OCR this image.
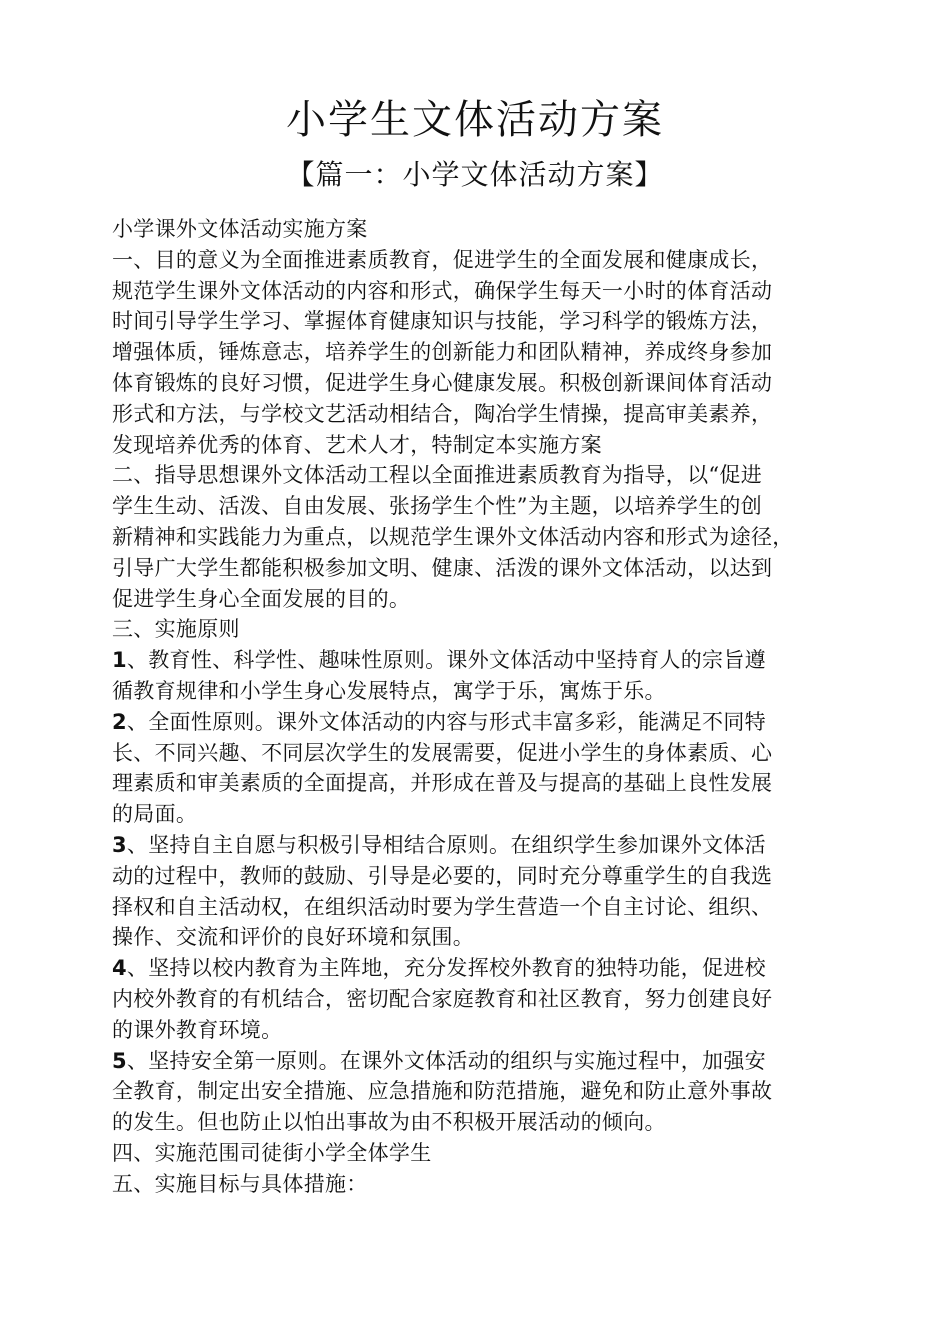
小学生文体活动方案
【篇一：小学文体活动方案】
小学课外文体活动实施方案
一、目的意义为全面推进素质教育，促进学生的全面发展和健康成长，
规范学生课外文体活动的内容和形式，确保学生每天一小时的体育活动
时间引导学生学习、掌握体育健康知识与技能，学习科学的锻炼方法，
增强体质，锤炼意志，培养学生的创新能力和团队精神，养成终身参加
体育锻炼的良好习惯，促进学生身心健康发展。积极创新课间体育活动
形式和方法，与学校文艺活动相结合，陶冶学生情操，提高审美素养，
发现培养优秀的体育、艺术人才，特制定本实施方案
二、指导思想课外文体活动工程以全面推进素质教育为指导，以“促进
学生生动、活泼、自由发展、张扬学生个性”为主题，以培养学生的创
新精神和实践能力为重点，以规范学生课外文体活动内容和形式为途径，
引导广大学生都能积极参加文明、健康、活泼的课外文体活动，以达到
促进学生身心全面发展的目的。
三、实施原则
1、教育性、科学性、趣味性原则。课外文体活动中坚持育人的宗旨遵
循教育规律和小学生身心发展特点，寓学于乐，寓炼于乐。
2、全面性原则。课外文体活动的内容与形式丰富多彩，能满足不同特
长、不同兴趣、不同层次学生的发展需要，促进小学生的身体素质、心
理素质和审美素质的全面提高，并形成在普及与提高的基础上良性发展
的局面。
3、坚持自主自愿与积极引导相结合原则。在组织学生参加课外文体活
动的过程中，教师的鼓励、引导是必要的，同时充分尊重学生的自我选
择权和自主活动权，在组织活动时要为学生营造一个自主讨论、组织、
操作、交流和评价的良好环境和氛围。
4、坚持以校内教育为主阵地，充分发挥校外教育的独特功能，促进校
内校外教育的有机结合，密切配合家庭教育和社区教育，努力创建良好
的课外教育环境。
5、坚持安全第一原则。在课外文体活动的组织与实施过程中，加强安
全教育，制定出安全措施、应急措施和防范措施，避免和防止意外事故
的发生。但也防止以怕出事故为由不积极开展活动的倾向。
四、实施范围司徒街小学全体学生
五、实施目标与具体措施：
